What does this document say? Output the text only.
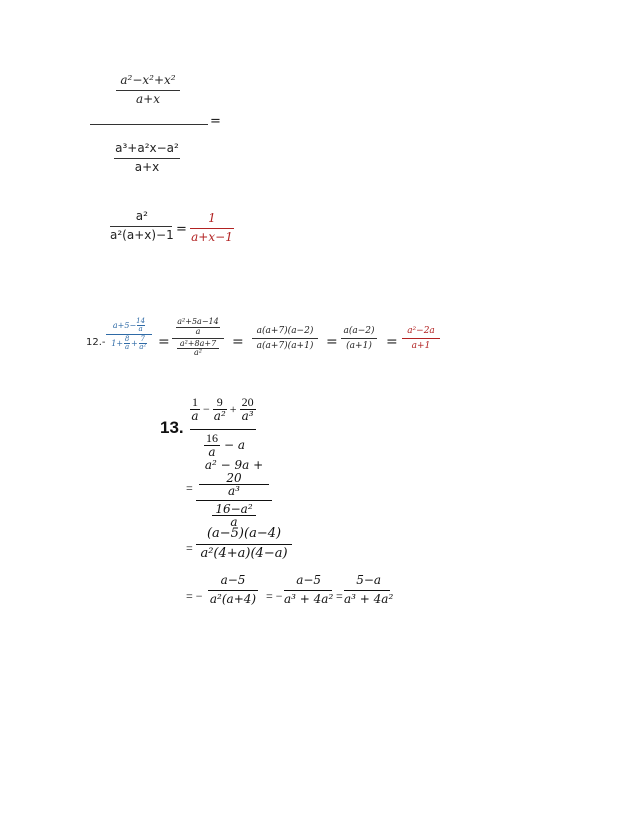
a²−x²+x²
a+x
=
a³+a²x−a²
a+x
a²
a²(a+x)−1 =
1
a+x−1
12.-
a+5− 14
a
1+ 8
a + 7
a² =
a²+5a−14
a
a²+8a+7
a²
=
a(a+7)(a−2)
a(a+7)(a+1) =
a(a−2)
(a+1) =
a²−2a
a+1
13.
1
a − 9
a² + 20
a³
16
a − a
=
a² − 9a + 20
a³
16−a²
a
=
(a−5)(a−4)
a²(4+a)(4−a)
= −
a−5
a²(a+4) = −
a−5
a³ + 4a² =
5−a
a³ + 4a²
